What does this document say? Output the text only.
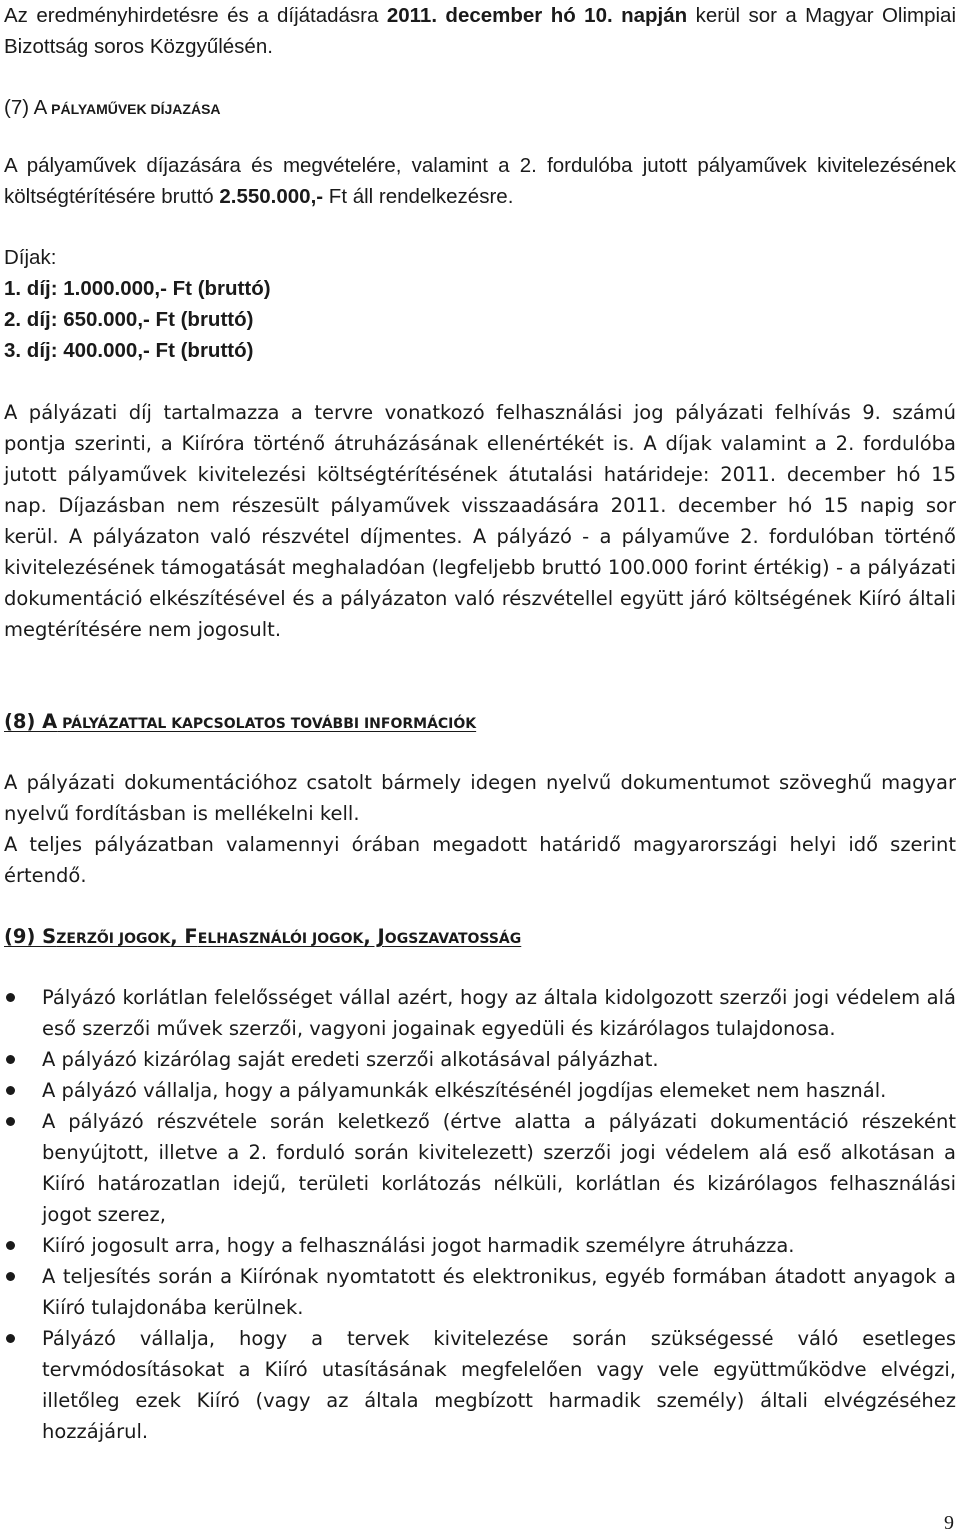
Az eredményhirdetésre és a díjátadásra 2011. december hó 10. napján kerül sor a Magyar Olimpiai Bizottság soros Közgyűlésén.
(7) A PÁLYAMŰVEK DÍJAZÁSA
A pályaművek díjazására és megvételére, valamint a 2. fordulóba jutott pályaművek kivitelezésének költségtérítésére bruttó 2.550.000,- Ft áll rendelkezésre.
Díjak:
1. díj: 1.000.000,- Ft (bruttó)
2. díj: 650.000,- Ft (bruttó)
3. díj: 400.000,- Ft (bruttó)
A pályázati díj tartalmazza a tervre vonatkozó felhasználási jog pályázati felhívás 9. számú pontja szerinti, a Kiíróra történő átruházásának ellenértékét is. A díjak valamint a 2. fordulóba jutott pályaművek kivitelezési költségtérítésének átutalási határideje: 2011. december hó 15 nap. Díjazásban nem részesült pályaművek visszaadására 2011. december hó 15 napig sor kerül. A pályázaton való részvétel díjmentes. A pályázó - a pályaműve 2. fordulóban történő kivitelezésének támogatását meghaladóan (legfeljebb bruttó 100.000 forint értékig) - a pályázati dokumentáció elkészítésével és a pályázaton való részvétellel együtt járó költségének Kiíró általi megtérítésére nem jogosult.
(8) A PÁLYÁZATTAL KAPCSOLATOS TOVÁBBI INFORMÁCIÓK
A pályázati dokumentációhoz csatolt bármely idegen nyelvű dokumentumot szöveghű magyar nyelvű fordításban is mellékelni kell.
A teljes pályázatban valamennyi órában megadott határidő magyarországi helyi idő szerint értendő.
(9) SZERZŐI JOGOK, FELHASZNÁLÓI JOGOK, JOGSZAVATOSSÁG
Pályázó korlátlan felelősséget vállal azért, hogy az általa kidolgozott szerzői jogi védelem alá eső szerzői művek szerzői, vagyoni jogainak egyedüli és kizárólagos tulajdonosa.
A pályázó kizárólag saját eredeti szerzői alkotásával pályázhat.
A pályázó vállalja, hogy a pályamunkák elkészítésénél jogdíjas elemeket nem használ.
A pályázó részvétele során keletkező (értve alatta a pályázati dokumentáció részeként benyújtott, illetve a 2. forduló során kivitelezett) szerzői jogi védelem alá eső alkotásan a Kiíró határozatlan idejű, területi korlátozás nélküli, korlátlan és kizárólagos felhasználási jogot szerez,
Kiíró jogosult arra, hogy a felhasználási jogot harmadik személyre átruházza.
A teljesítés során a Kiírónak nyomtatott és elektronikus, egyéb formában átadott anyagok a Kiíró tulajdonába kerülnek.
Pályázó vállalja, hogy a tervek kivitelezése során szükségessé váló esetleges tervmódosításokat a Kiíró utasításának megfelelően vagy vele együttműködve elvégzi, illetőleg ezek Kiíró (vagy az általa megbízott harmadik személy) általi elvégzéséhez hozzájárul.
9
